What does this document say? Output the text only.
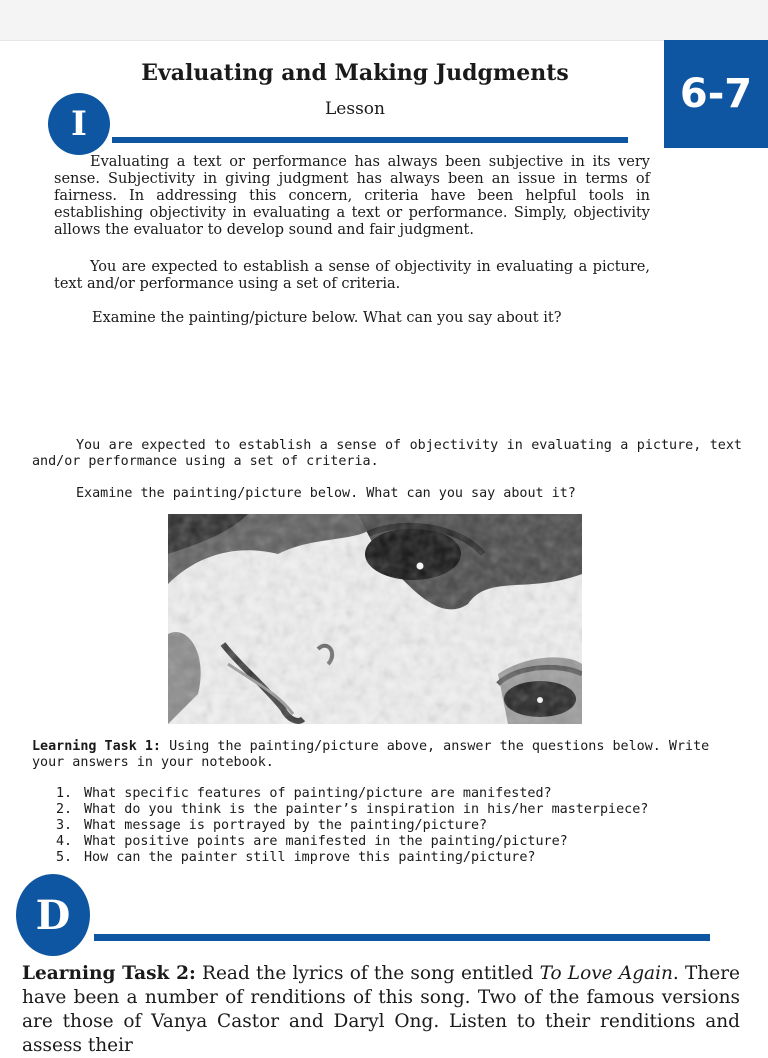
Evaluating and Making Judgments
Lesson	6-7
I

Evaluating a text or performance has always been subjective in its very sense. Subjectivity in giving judgment has always been an issue in terms of fairness. In addressing this concern, criteria have been helpful tools in establishing objectivity in evaluating a text or performance. Simply, objectivity allows the evaluator to develop sound and fair judgment.

You are expected to establish a sense of objectivity in evaluating a picture, text and/or performance using a set of criteria.

Examine the painting/picture below. What can you say about it?

You are expected to establish a sense of objectivity in evaluating a picture, text and/or performance using a set of criteria.

Examine the painting/picture below. What can you say about it?

Learning Task 1: Using the painting/picture above, answer the questions below. Write your answers in your notebook.

1. What specific features of painting/picture are manifested?
2. What do you think is the painter’s inspiration in his/her masterpiece?
3. What message is portrayed by the painting/picture?
4. What positive points are manifested in the painting/picture?
5. How can the painter still improve this painting/picture?
D

Learning Task 2: Read the lyrics of the song entitled To Love Again. There have been a number of renditions of this song. Two of the famous versions are those of Vanya Castor and Daryl Ong. Listen to their renditions and assess their
